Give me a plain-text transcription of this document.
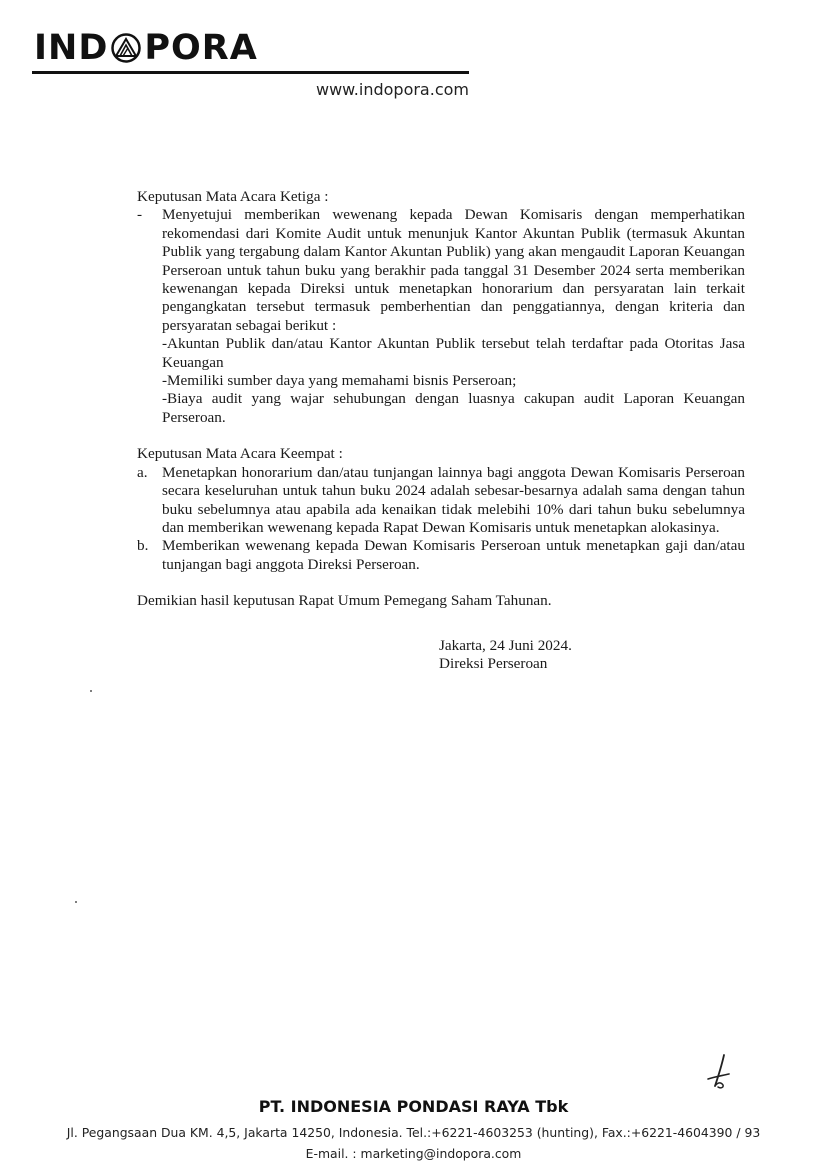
IND PORA
www.indopora.com

Keputusan Mata Acara Ketiga :

-	Menyetujui memberikan wewenang kepada Dewan Komisaris dengan memperhatikan rekomendasi dari Komite Audit untuk menunjuk Kantor Akuntan Publik (termasuk Akuntan Publik yang tergabung dalam Kantor Akuntan Publik) yang akan mengaudit Laporan Keuangan Perseroan untuk tahun buku yang berakhir pada tanggal 31 Desember 2024 serta memberikan kewenangan kepada Direksi untuk menetapkan honorarium dan persyaratan lain terkait pengangkatan tersebut termasuk pemberhentian dan penggatiannya, dengan kriteria dan persyaratan sebagai berikut :
-Akuntan Publik dan/atau Kantor Akuntan Publik tersebut telah terdaftar pada Otoritas Jasa Keuangan
-Memiliki sumber daya yang memahami bisnis Perseroan;
-Biaya audit yang wajar sehubungan dengan luasnya cakupan audit Laporan Keuangan Perseroan.

Keputusan Mata Acara Keempat :

a. Menetapkan honorarium dan/atau tunjangan lainnya bagi anggota Dewan Komisaris Perseroan secara keseluruhan untuk tahun buku 2024 adalah sebesar-besarnya adalah sama dengan tahun buku sebelumnya atau apabila ada kenaikan tidak melebihi 10% dari tahun buku sebelumnya dan memberikan wewenang kepada Rapat Dewan Komisaris untuk menetapkan alokasinya.
b. Memberikan wewenang kepada Dewan Komisaris Perseroan untuk menetapkan gaji dan/atau tunjangan bagi anggota Direksi Perseroan.

Demikian hasil keputusan Rapat Umum Pemegang Saham Tahunan.

Jakarta, 24 Juni 2024.
Direksi Perseroan
PT. INDONESIA PONDASI RAYA Tbk
Jl. Pegangsaan Dua KM. 4,5, Jakarta 14250, Indonesia. Tel.:+6221-4603253 (hunting), Fax.:+6221-4604390 / 93
E-mail. : marketing@indopora.com
